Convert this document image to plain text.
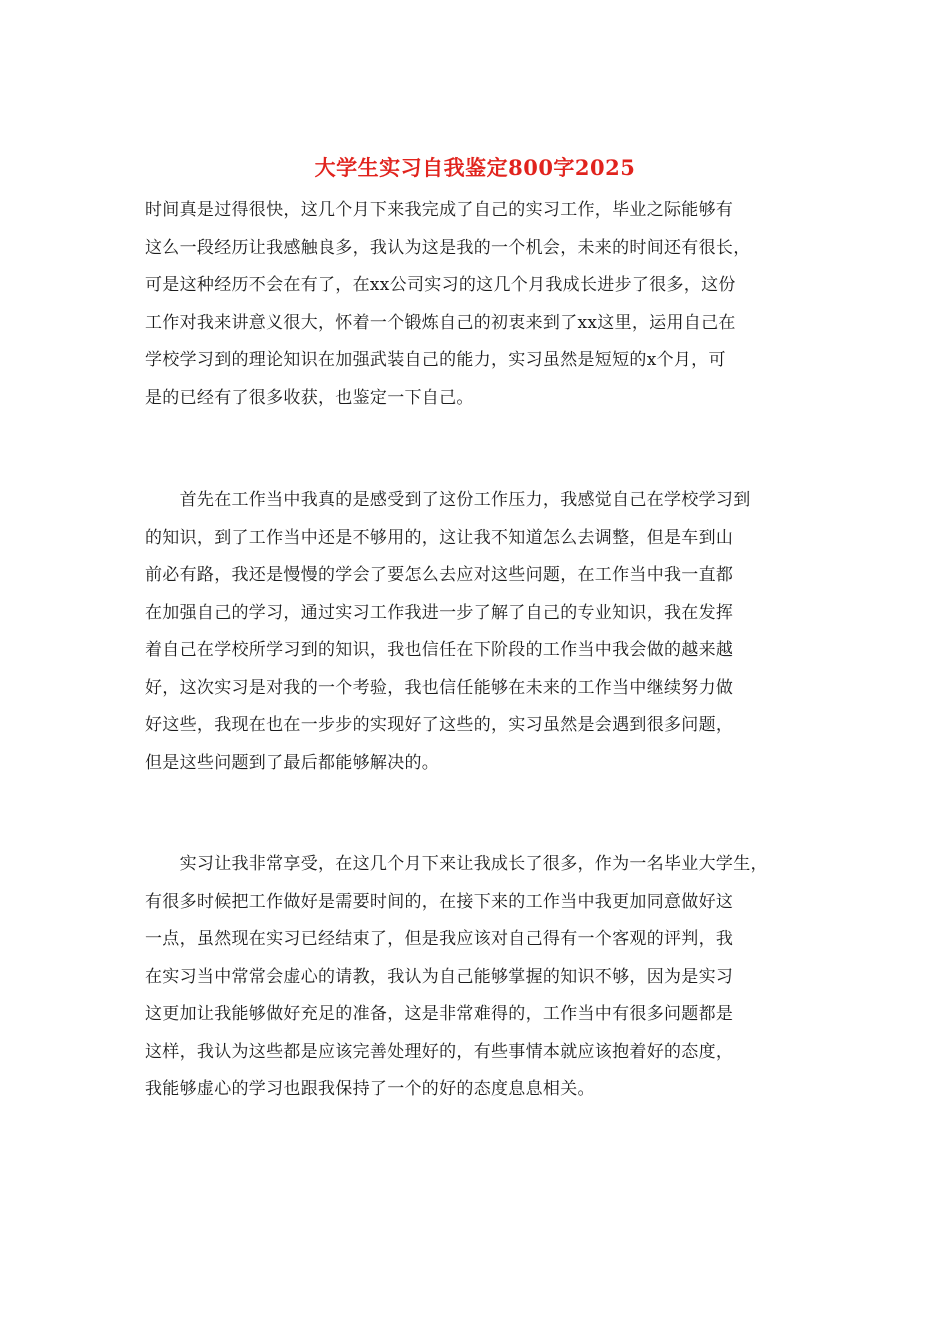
大学生实习自我鉴定800字2025
时间真是过得很快，这几个月下来我完成了自己的实习工作，毕业之际能够有
这么一段经历让我感触良多，我认为这是我的一个机会，未来的时间还有很长，
可是这种经历不会在有了，在xx公司实习的这几个月我成长进步了很多，这份
工作对我来讲意义很大，怀着一个锻炼自己的初衷来到了xx这里，运用自己在
学校学习到的理论知识在加强武装自己的能力，实习虽然是短短的x个月，可
是的已经有了很多收获，也鉴定一下自己。
　　首先在工作当中我真的是感受到了这份工作压力，我感觉自己在学校学习到
的知识，到了工作当中还是不够用的，这让我不知道怎么去调整，但是车到山
前必有路，我还是慢慢的学会了要怎么去应对这些问题，在工作当中我一直都
在加强自己的学习，通过实习工作我进一步了解了自己的专业知识，我在发挥
着自己在学校所学习到的知识，我也信任在下阶段的工作当中我会做的越来越
好，这次实习是对我的一个考验，我也信任能够在未来的工作当中继续努力做
好这些，我现在也在一步步的实现好了这些的，实习虽然是会遇到很多问题，
但是这些问题到了最后都能够解决的。
　　实习让我非常享受，在这几个月下来让我成长了很多，作为一名毕业大学生，
有很多时候把工作做好是需要时间的，在接下来的工作当中我更加同意做好这
一点，虽然现在实习已经结束了，但是我应该对自己得有一个客观的评判，我
在实习当中常常会虚心的请教，我认为自己能够掌握的知识不够，因为是实习
这更加让我能够做好充足的准备，这是非常难得的，工作当中有很多问题都是
这样，我认为这些都是应该完善处理好的，有些事情本就应该抱着好的态度，
我能够虚心的学习也跟我保持了一个的好的态度息息相关。
